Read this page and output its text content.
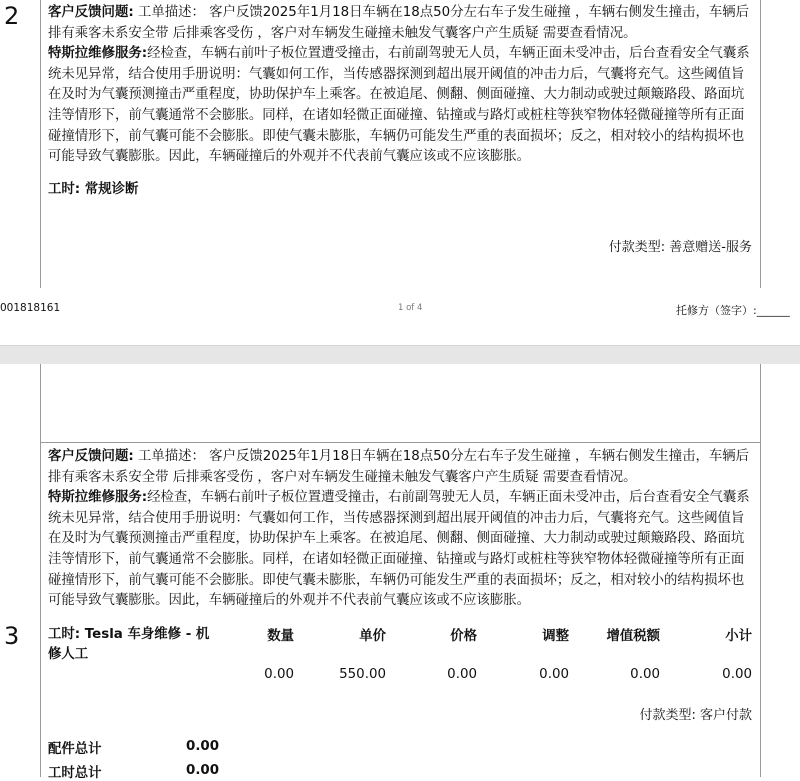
2 客户反馈问题: 工单描述： 客户反馈2025年1月18日车辆在18点50分左右车子发生碰撞 ，车辆右侧发生撞击，车辆后排有乘客未系安全带 后排乘客受伤 ，客户对车辆发生碰撞未触发气囊客户产生质疑 需要查看情况。

特斯拉维修服务:经检查，车辆右前叶子板位置遭受撞击，右前副驾驶无人员，车辆正面未受冲击，后台查看安全气囊系统未见异常，结合使用手册说明：气囊如何工作，当传感器探测到超出展开阈值的冲击力后，气囊将充气。这些阈值旨在及时为气囊预测撞击严重程度，协助保护车上乘客。在被追尾、侧翻、侧面碰撞、大力制动或驶过颠簸路段、路面坑洼等情形下，前气囊通常不会膨胀。同样，在诸如轻微正面碰撞、钻撞或与路灯或桩柱等狭窄物体轻微碰撞等所有正面碰撞情形下，前气囊可能不会膨胀。即使气囊未膨胀，车辆仍可能发生严重的表面损坏；反之，相对较小的结构损坏也可能导致气囊膨胀。因此，车辆碰撞后的外观并不代表前气囊应该或不应该膨胀。

工时: 常规诊断
付款类型: 善意赠送-服务
001818161	1 of 4	托修方（签字）:______
3

客户反馈问题: 工单描述： 客户反馈2025年1月18日车辆在18点50分左右车子发生碰撞 ，车辆右侧发生撞击，车辆后排有乘客未系安全带 后排乘客受伤 ，客户对车辆发生碰撞未触发气囊客户产生质疑 需要查看情况。

特斯拉维修服务:经检查，车辆右前叶子板位置遭受撞击，右前副驾驶无人员，车辆正面未受冲击，后台查看安全气囊系统未见异常，结合使用手册说明：气囊如何工作，当传感器探测到超出展开阈值的冲击力后，气囊将充气。这些阈值旨在及时为气囊预测撞击严重程度，协助保护车上乘客。在被追尾、侧翻、侧面碰撞、大力制动或驶过颠簸路段、路面坑洼等情形下，前气囊通常不会膨胀。同样，在诸如轻微正面碰撞、钻撞或与路灯或桩柱等狭窄物体轻微碰撞等所有正面碰撞情形下，前气囊可能不会膨胀。即使气囊未膨胀，车辆仍可能发生严重的表面损坏；反之，相对较小的结构损坏也可能导致气囊膨胀。因此，车辆碰撞后的外观并不代表前气囊应该或不应该膨胀。

工时: Tesla 车身维修 - 机
修人工
数量	单价	价格	调整	增值税额	小计
0.00	550.00	0.00	0.00	0.00	0.00
付款类型: 客户付款
配件总计	0.00
工时总计	0.00
